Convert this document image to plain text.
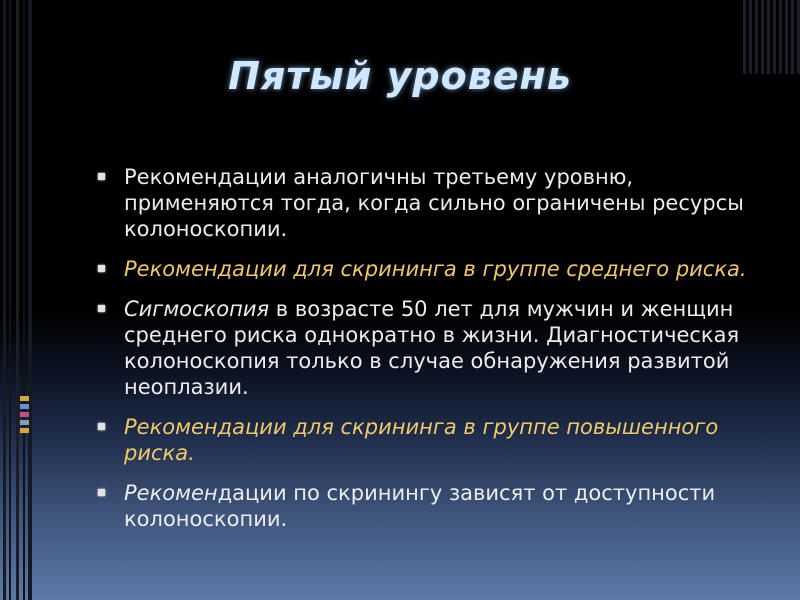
Пятый уровень
Рекомендации аналогичны третьему уровню, применяются тогда, когда сильно ограничены ресурсы колоноскопии.
Рекомендации для скрининга в группе среднего риска.
Сигмоскопия в возрасте 50 лет для мужчин и женщин среднего риска однократно в жизни. Диагностическая колоноскопия только в случае обнаружения развитой неоплазии.
Рекомендации для скрининга в группе повышенного риска.
Рекомендации по скринингу зависят от доступности колоноскопии.
